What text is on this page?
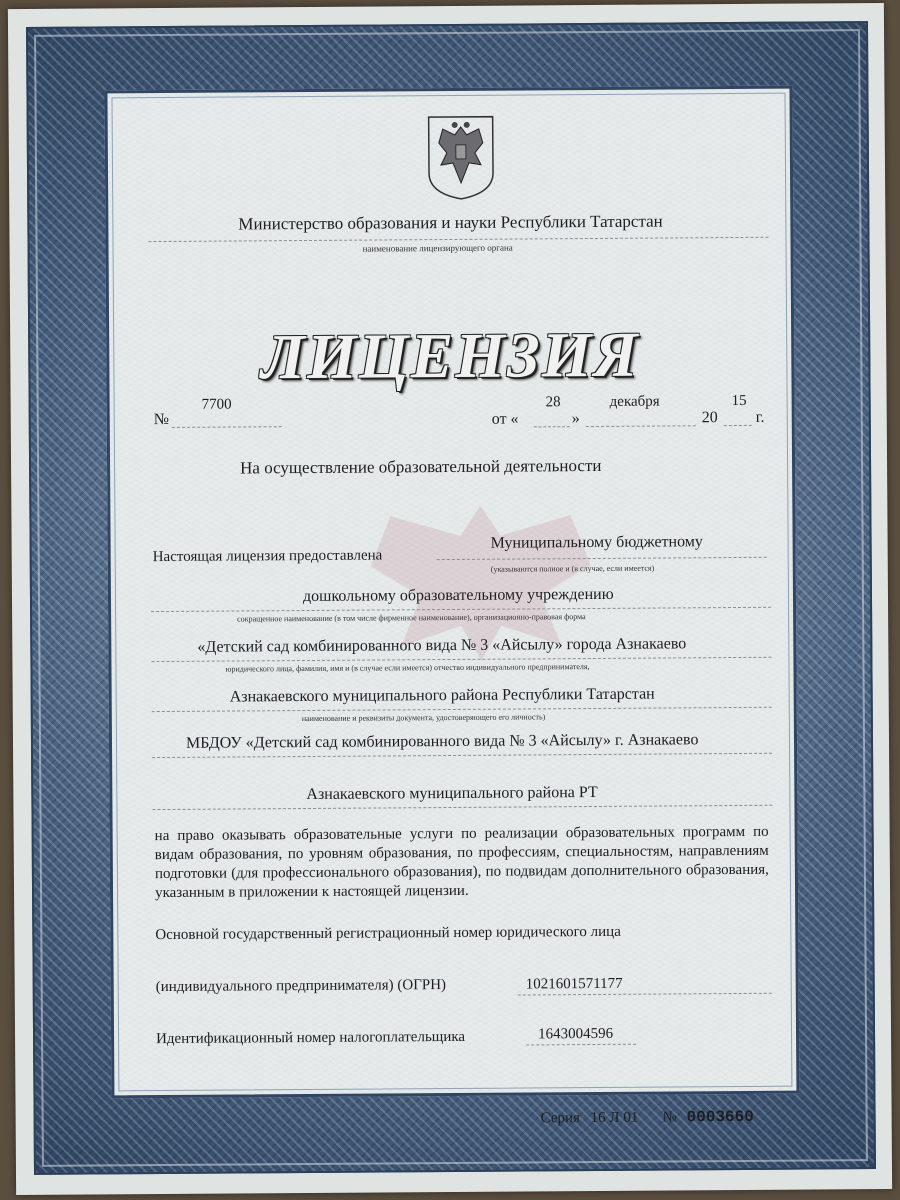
Министерство образования и науки Республики Татарстан
наименование лицензирующего органа
ЛИЦЕНЗИЯ
№
7700
от «
28
»
декабря
20
15
г.
На осуществление образовательной деятельности
Настоящая лицензия предоставлена
Муниципальному бюджетному
(указываются полное и (в случае, если имеется)
дошкольному образовательному учреждению
сокращенное наименование (в том числе фирменное наименование), организационно-правовая форма
«Детский сад комбинированного вида № 3 «Айсылу» города Азнакаево
юридического лица, фамилия, имя и (в случае если имеется) отчество индивидуального предпринимателя,
Азнакаевского муниципального района Республики Татарстан
наименование и реквизиты документа, удостоверяющего его личность)
МБДОУ «Детский сад комбинированного вида № 3 «Айсылу» г. Азнакаево
Азнакаевского муниципального района РТ
на право оказывать образовательные услуги по реализации образовательных программ по видам образования, по уровням образования, по профессиям, специальностям, направлениям подготовки (для профессионального образования), по подвидам дополнительного образования, указанным в приложении к настоящей лицензии.
Основной государственный регистрационный номер юридического лица
(индивидуального предпринимателя) (ОГРН)	1021601571177
Идентификационный номер налогоплательщика	1643004596
Серия 16 Л 01 № 0003660
